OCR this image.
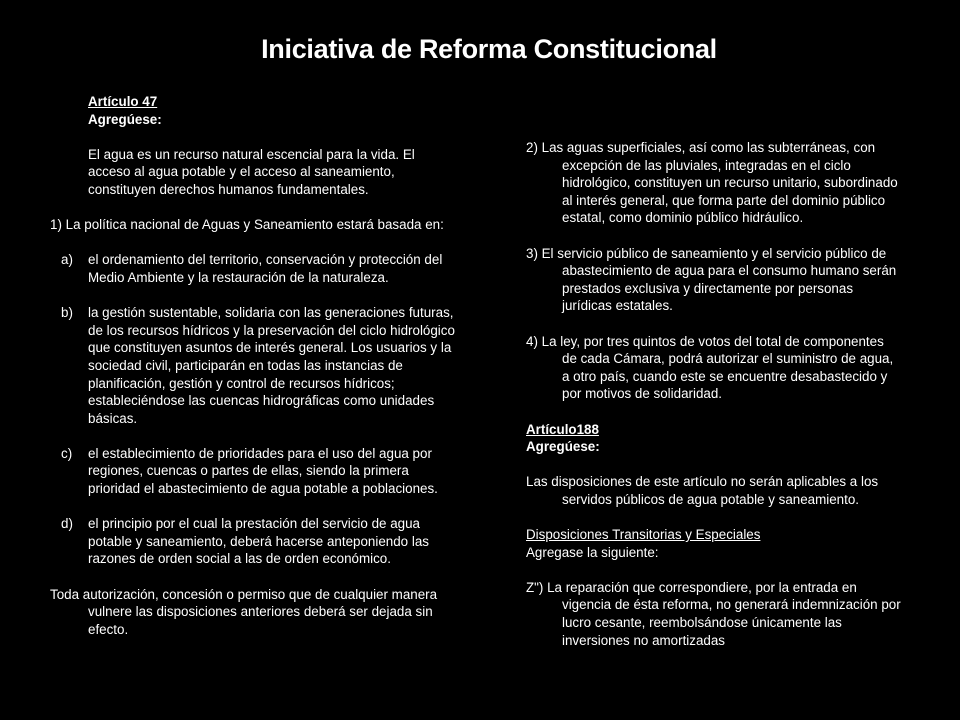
Iniciativa de Reforma Constitucional

Artículo 47

Agregúese:

El agua es un recurso natural escencial para la vida. El acceso al agua potable y el acceso al saneamiento, constituyen derechos humanos fundamentales.

1) La política nacional de Aguas y Saneamiento estará basada en:

a) el ordenamiento del territorio, conservación y protección del Medio Ambiente y la restauración de la naturaleza.

b) la gestión sustentable, solidaria con las generaciones futuras, de los recursos hídricos y la preservación del ciclo hidrológico que constituyen asuntos de interés general. Los usuarios y la sociedad civil, participarán en todas las instancias de planificación, gestión y control de recursos hídricos; estableciéndose las cuencas hidrográficas como unidades básicas.

c) el establecimiento de prioridades para el uso del agua por regiones, cuencas o partes de ellas, siendo la primera prioridad el abastecimiento de agua potable a poblaciones.

d) el principio por el cual la prestación del servicio de agua potable y saneamiento, deberá hacerse anteponiendo las razones de orden social a las de orden económico.

Toda autorización, concesión o permiso que de cualquier manera vulnere las disposiciones anteriores deberá ser dejada sin efecto.

2) Las aguas superficiales, así como las subterráneas, con excepción de las pluviales, integradas en el ciclo hidrológico, constituyen un recurso unitario, subordinado al interés general, que forma parte del dominio público estatal, como dominio público hidráulico.

3) El servicio público de saneamiento y el servicio público de abastecimiento de agua para el consumo humano serán prestados exclusiva y directamente por personas jurídicas estatales.

4) La ley, por tres quintos de votos del total de componentes de cada Cámara, podrá autorizar el suministro de agua, a otro país, cuando este se encuentre desabastecido y por motivos de solidaridad.

Artículo188

Agregúese:

Las disposiciones de este artículo no serán aplicables a los servidos públicos de agua potable y saneamiento.

Disposiciones Transitorias y Especiales

Agregase la siguiente:

Z") La reparación que correspondiere, por la entrada en vigencia de ésta reforma, no generará indemnización por lucro cesante, reembolsándose únicamente las inversiones no amortizadas
